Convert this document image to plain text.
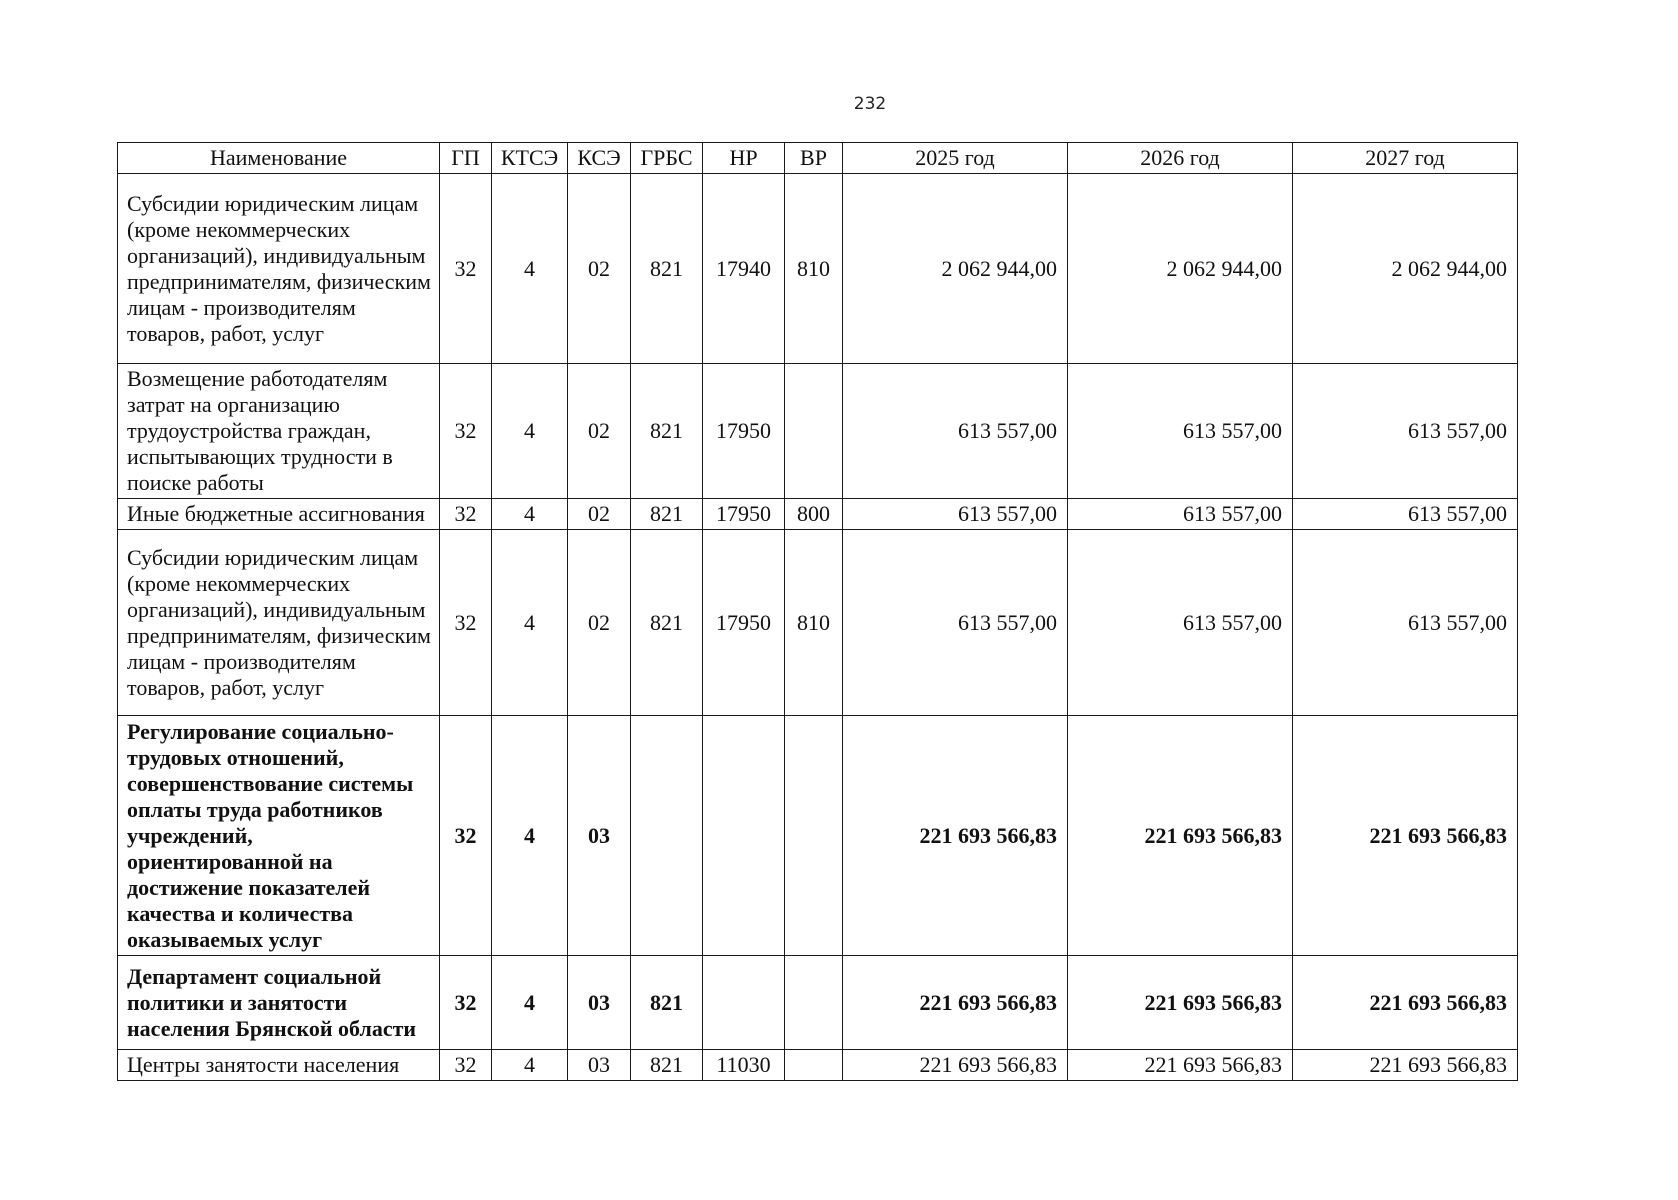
232
Наименование	ГП	КТСЭ	КСЭ	ГРБС	НР	ВР	2025 год	2026 год	2027 год
Субсидии юридическим лицам (кроме некоммерческих организаций), индивидуальным предпринимателям, физическим лицам - производителям товаров, работ, услуг	32	4	02	821	17940	810	2 062 944,00	2 062 944,00	2 062 944,00
Возмещение работодателям затрат на организацию трудоустройства граждан, испытывающих трудности в поиске работы	32	4	02	821	17950		613 557,00	613 557,00	613 557,00
Иные бюджетные ассигнования	32	4	02	821	17950	800	613 557,00	613 557,00	613 557,00
Субсидии юридическим лицам (кроме некоммерческих организаций), индивидуальным предпринимателям, физическим лицам - производителям товаров, работ, услуг	32	4	02	821	17950	810	613 557,00	613 557,00	613 557,00
Регулирование социально-трудовых отношений, совершенствование системы оплаты труда работников учреждений, ориентированной на достижение показателей качества и количества оказываемых услуг	32	4	03				221 693 566,83	221 693 566,83	221 693 566,83
Департамент социальной политики и занятости населения Брянской области	32	4	03	821			221 693 566,83	221 693 566,83	221 693 566,83
Центры занятости населения	32	4	03	821	11030		221 693 566,83	221 693 566,83	221 693 566,83
